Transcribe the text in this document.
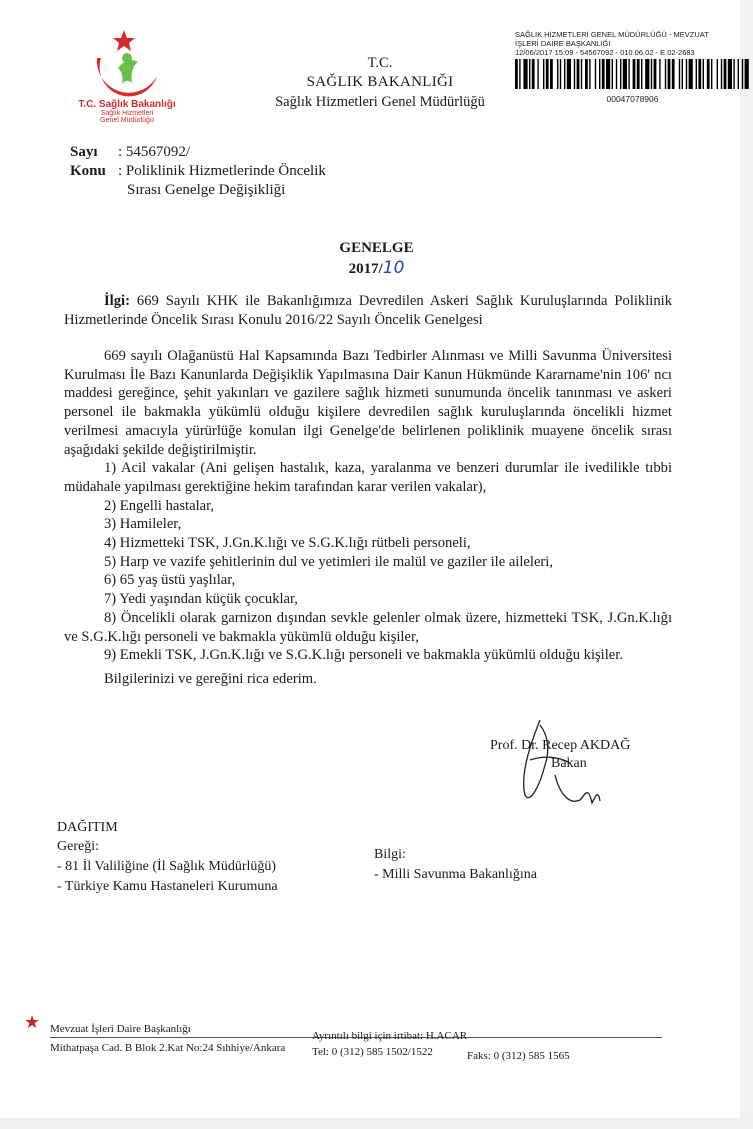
T.C. Sağlık Bakanlığı
Sağlık Hizmetleri
Genel Müdürlüğü
T.C.
SAĞLIK BAKANLIĞI
Sağlık Hizmetleri Genel Müdürlüğü
SAĞLIK HİZMETLERİ GENEL MÜDÜRLÜĞÜ - MEVZUAT
İŞLERİ DAİRE BAŞKANLIĞI
12/06/2017 15:09 - 54567092 - 010.06.02 - E.02-2683
00047078906
Sayı : 54567092/
Konu : Poliklinik Hizmetlerinde Öncelik
Sırası Genelge Değişikliği
GENELGE
2017/10

İlgi: 669 Sayılı KHK ile Bakanlığımıza Devredilen Askeri Sağlık Kuruluşlarında Poliklinik Hizmetlerinde Öncelik Sırası Konulu 2016/22 Sayılı Öncelik Genelgesi

669 sayılı Olağanüstü Hal Kapsamında Bazı Tedbirler Alınması ve Milli Savunma Üniversitesi Kurulması İle Bazı Kanunlarda Değişiklik Yapılmasına Dair Kanun Hükmünde Kararname'nin 106' ncı maddesi gereğince, şehit yakınları ve gazilere sağlık hizmeti sunumunda öncelik tanınması ve askeri personel ile bakmakla yükümlü olduğu kişilere devredilen sağlık kuruluşlarında öncelikli hizmet verilmesi amacıyla yürürlüğe konulan ilgi Genelge'de belirlenen poliklinik muayene öncelik sırası aşağıdaki şekilde değiştirilmiştir.

1) Acil vakalar (Ani gelişen hastalık, kaza, yaralanma ve benzeri durumlar ile ivedilikle tıbbi müdahale yapılması gerektiğine hekim tarafından karar verilen vakalar),

2) Engelli hastalar,

3) Hamileler,

4) Hizmetteki TSK, J.Gn.K.lığı ve S.G.K.lığı rütbeli personeli,

5) Harp ve vazife şehitlerinin dul ve yetimleri ile malül ve gaziler ile aileleri,

6) 65 yaş üstü yaşlılar,

7) Yedi yaşından küçük çocuklar,

8) Öncelikli olarak garnizon dışından sevkle gelenler olmak üzere, hizmetteki TSK, J.Gn.K.lığı ve S.G.K.lığı personeli ve bakmakla yükümlü olduğu kişiler,

9) Emekli TSK, J.Gn.K.lığı ve S.G.K.lığı personeli ve bakmakla yükümlü olduğu kişiler.

Bilgilerinizi ve gereğini rica ederim.

Prof. Dr. Recep AKDAĞ
Bakan
DAĞITIM
Gereği:
- 81 İl Valiliğine (İl Sağlık Müdürlüğü)
- Türkiye Kamu Hastaneleri Kurumuna
Bilgi:
- Milli Savunma Bakanlığına
★ Mevzuat İşleri Daire Başkanlığı
Mithatpaşa Cad. B Blok 2.Kat No:24 Sıhhiye/Ankara
Ayrıntılı bilgi için irtibat: H.ACAR
Tel: 0 (312) 585 1502/1522	Faks: 0 (312) 585 1565
